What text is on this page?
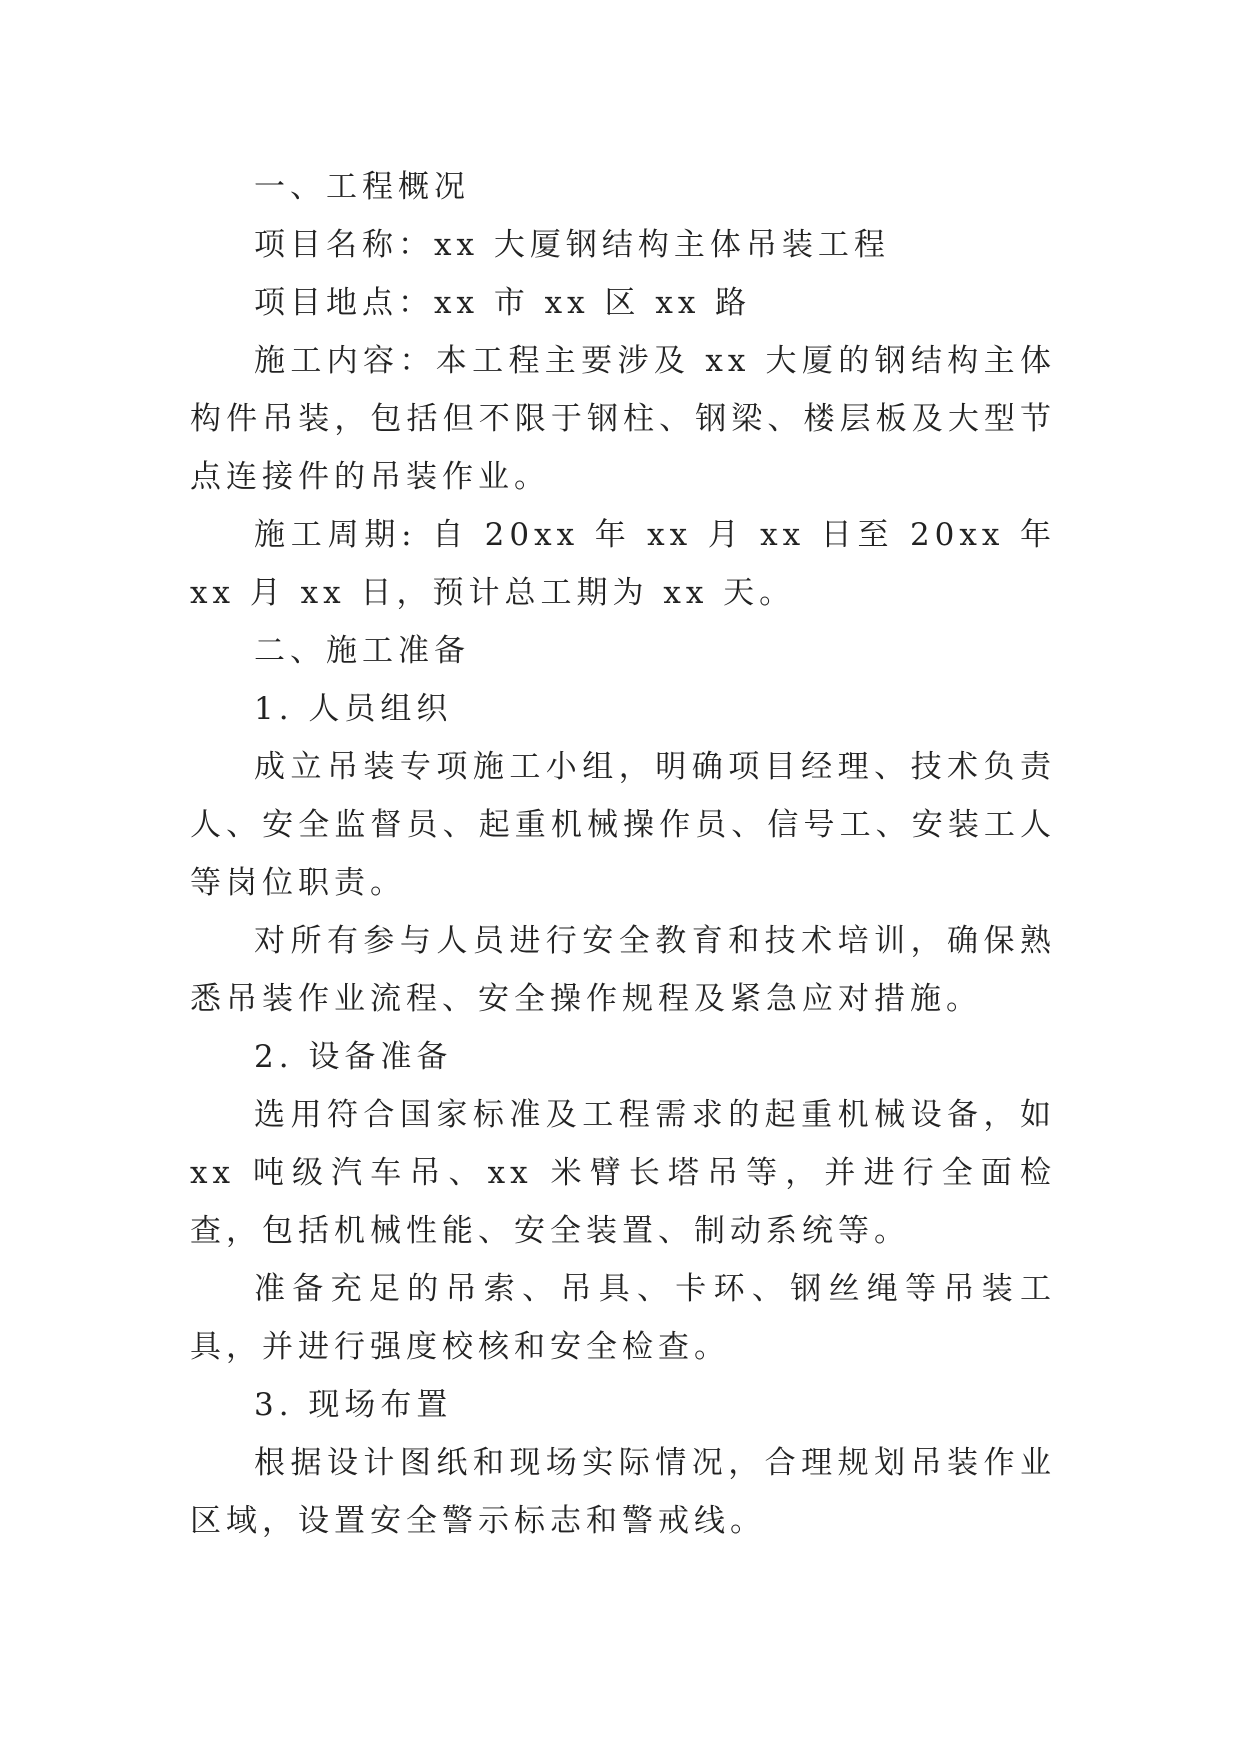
一、工程概况

项目名称：xx 大厦钢结构主体吊装工程

项目地点：xx 市 xx 区 xx 路

施工内容：本工程主要涉及 xx 大厦的钢结构主体构件吊装，包括但不限于钢柱、钢梁、楼层板及大型节点连接件的吊装作业。

施工周期: 自 20xx 年 xx 月 xx 日至 20xx 年 xx 月 xx 日，预计总工期为 xx 天。

二、施工准备

1. 人员组织

成立吊装专项施工小组，明确项目经理、技术负责人、安全监督员、起重机械操作员、信号工、安装工人等岗位职责。

对所有参与人员进行安全教育和技术培训，确保熟悉吊装作业流程、安全操作规程及紧急应对措施。

2. 设备准备

选用符合国家标准及工程需求的起重机械设备，如 xx 吨级汽车吊、xx 米臂长塔吊等，并进行全面检查，包括机械性能、安全装置、制动系统等。

准备充足的吊索、吊具、卡环、钢丝绳等吊装工具，并进行强度校核和安全检查。

3. 现场布置

根据设计图纸和现场实际情况，合理规划吊装作业区域，设置安全警示标志和警戒线。
